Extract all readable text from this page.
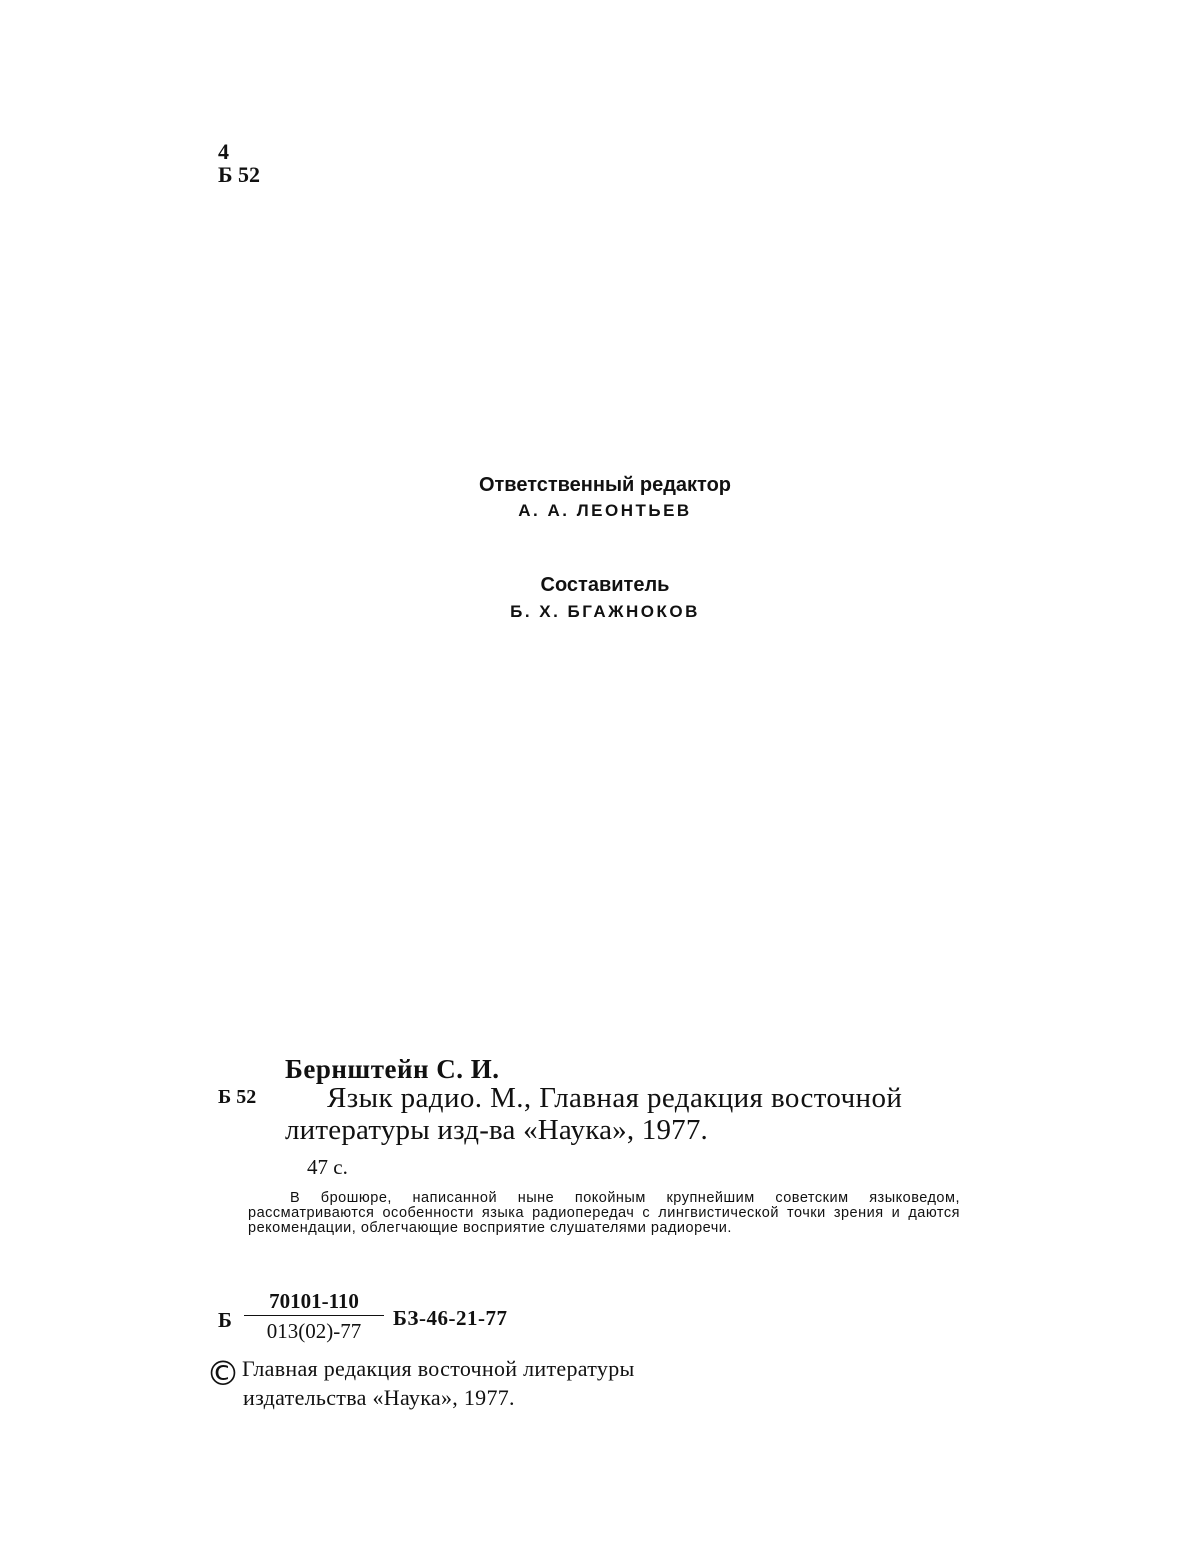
4
Б 52
Ответственный редактор
А. А. ЛЕОНТЬЕВ
Составитель
Б. Х. БГАЖНОКОВ
Бернштейн С. И.
Б 52 Язык радио. М., Главная редакция восточной
литературы изд-ва «Наука», 1977.
47 с.
В брошюре, написанной ныне покойным крупнейшим советским языковедом, рассматриваются особенности языка радиопередач с лингвистической точки зрения и даются рекомендации, облегчающие восприятие слушателями радиоречи.
Б
70101-110
013(02)-77
БЗ-46-21-77
© Главная редакция восточной литературы
издательства «Наука», 1977.
